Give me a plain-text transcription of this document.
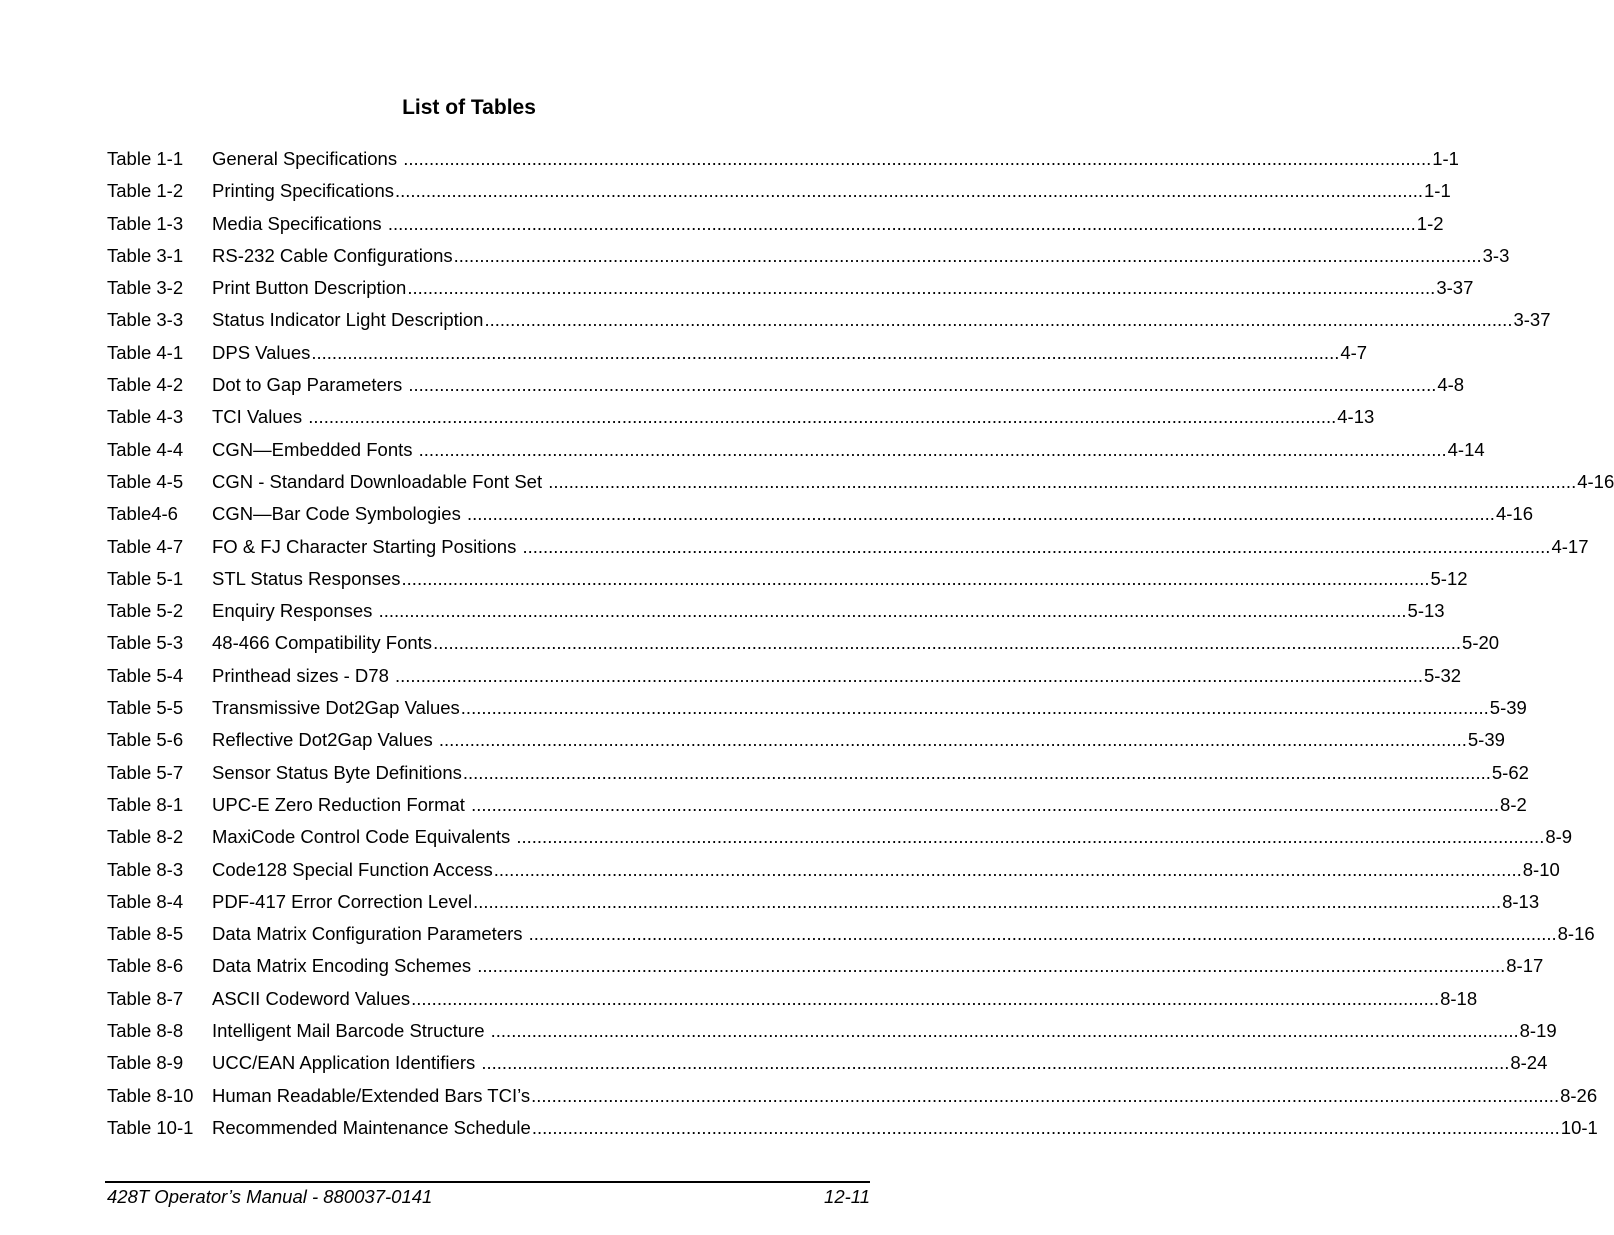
List of Tables
Table 1-1	General Specifications ........................................................................................................................................................................................................ 1-1
Table 1-2	Printing Specifications ........................................................................................................................................................................................................ 1-1
Table 1-3	Media Specifications ........................................................................................................................................................................................................ 1-2
Table 3-1	RS-232 Cable Configurations ........................................................................................................................................................................................................ 3-3
Table 3-2	Print Button Description ........................................................................................................................................................................................................ 3-37
Table 3-3	Status Indicator Light Description ........................................................................................................................................................................................................ 3-37
Table 4-1	DPS Values ........................................................................................................................................................................................................ 4-7
Table 4-2	Dot to Gap Parameters ........................................................................................................................................................................................................ 4-8
Table 4-3	TCI Values ........................................................................................................................................................................................................ 4-13
Table 4-4	CGN—Embedded Fonts ........................................................................................................................................................................................................ 4-14
Table 4-5	CGN - Standard Downloadable Font Set ........................................................................................................................................................................................................ 4-16
Table4-6	CGN—Bar Code Symbologies ........................................................................................................................................................................................................ 4-16
Table 4-7	FO & FJ Character Starting Positions ........................................................................................................................................................................................................ 4-17
Table 5-1	STL Status Responses ........................................................................................................................................................................................................ 5-12
Table 5-2	Enquiry Responses ........................................................................................................................................................................................................ 5-13
Table 5-3	48-466 Compatibility Fonts ........................................................................................................................................................................................................ 5-20
Table 5-4	Printhead sizes - D78 ........................................................................................................................................................................................................ 5-32
Table 5-5	Transmissive Dot2Gap Values ........................................................................................................................................................................................................ 5-39
Table 5-6	Reflective Dot2Gap Values ........................................................................................................................................................................................................ 5-39
Table 5-7	Sensor Status Byte Definitions ........................................................................................................................................................................................................ 5-62
Table 8-1	UPC-E Zero Reduction Format ........................................................................................................................................................................................................ 8-2
Table 8-2	MaxiCode Control Code Equivalents ........................................................................................................................................................................................................ 8-9
Table 8-3	Code128 Special Function Access ........................................................................................................................................................................................................ 8-10
Table 8-4	PDF-417 Error Correction Level ........................................................................................................................................................................................................ 8-13
Table 8-5	Data Matrix Configuration Parameters ........................................................................................................................................................................................................ 8-16
Table 8-6	Data Matrix Encoding Schemes ........................................................................................................................................................................................................ 8-17
Table 8-7	ASCII Codeword Values ........................................................................................................................................................................................................ 8-18
Table 8-8	Intelligent Mail Barcode Structure ........................................................................................................................................................................................................ 8-19
Table 8-9	UCC/EAN Application Identifiers ........................................................................................................................................................................................................ 8-24
Table 8-10	Human Readable/Extended Bars TCI’s ........................................................................................................................................................................................................ 8-26
Table 10-1	Recommended Maintenance Schedule ........................................................................................................................................................................................................ 10-1
428T Operator’s Manual - 880037-0141	12-11
